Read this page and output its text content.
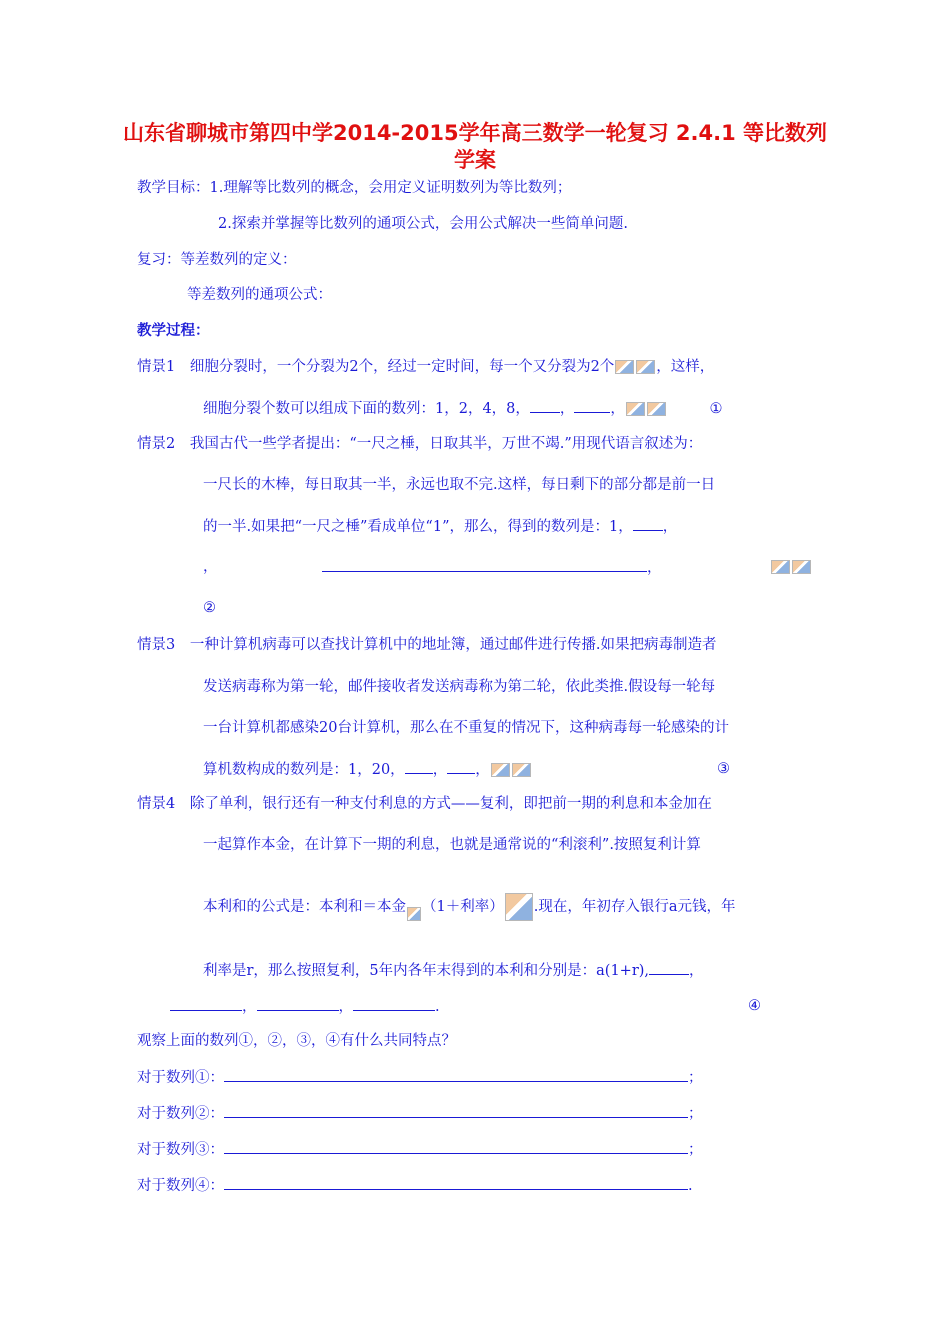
山东省聊城市第四中学2014-2015学年高三数学一轮复习 2.4.1 等比数列学案
教学目标：1.理解等比数列的概念，会用定义证明数列为等比数列；
2.探索并掌握等比数列的通项公式，会用公式解决一些简单问题.
复习：等差数列的定义：
等差数列的通项公式：
教学过程：
情景1 细胞分裂时，一个分裂为2个，经过一定时间，每一个又分裂为2个	，这样，
细胞分裂个数可以组成下面的数列：1，2，4，8， ， ，	①
情景2 我国古代一些学者提出：“一尺之棰，日取其半，万世不竭.”用现代语言叙述为：
一尺长的木棒，每日取其一半，永远也取不完.这样，每日剩下的部分都是前一日
的一半.如果把“一尺之棰”看成单位“1”，那么，得到的数列是：1， ，
，	，
②
情景3 一种计算机病毒可以查找计算机中的地址簿，通过邮件进行传播.如果把病毒制造者
发送病毒称为第一轮，邮件接收者发送病毒称为第二轮，依此类推.假设每一轮每
一台计算机都感染20台计算机，那么在不重复的情况下，这种病毒每一轮感染的计
算机数构成的数列是：1，20， ， ，	③
情景4 除了单利，银行还有一种支付利息的方式——复利，即把前一期的利息和本金加在
一起算作本金，在计算下一期的利息，也就是通常说的“利滚利”.按照复利计算
本利和的公式是：本利和＝本金 （1＋利率） .现在，年初存入银行a元钱，年
利率是r，那么按照复利，5年内各年末得到的本利和分别是：a(1+r),	，
，	，	.	④
观察上面的数列①，②，③，④有什么共同特点？
对于数列①：	；
对于数列②：	；
对于数列③：	；
对于数列④：	.
